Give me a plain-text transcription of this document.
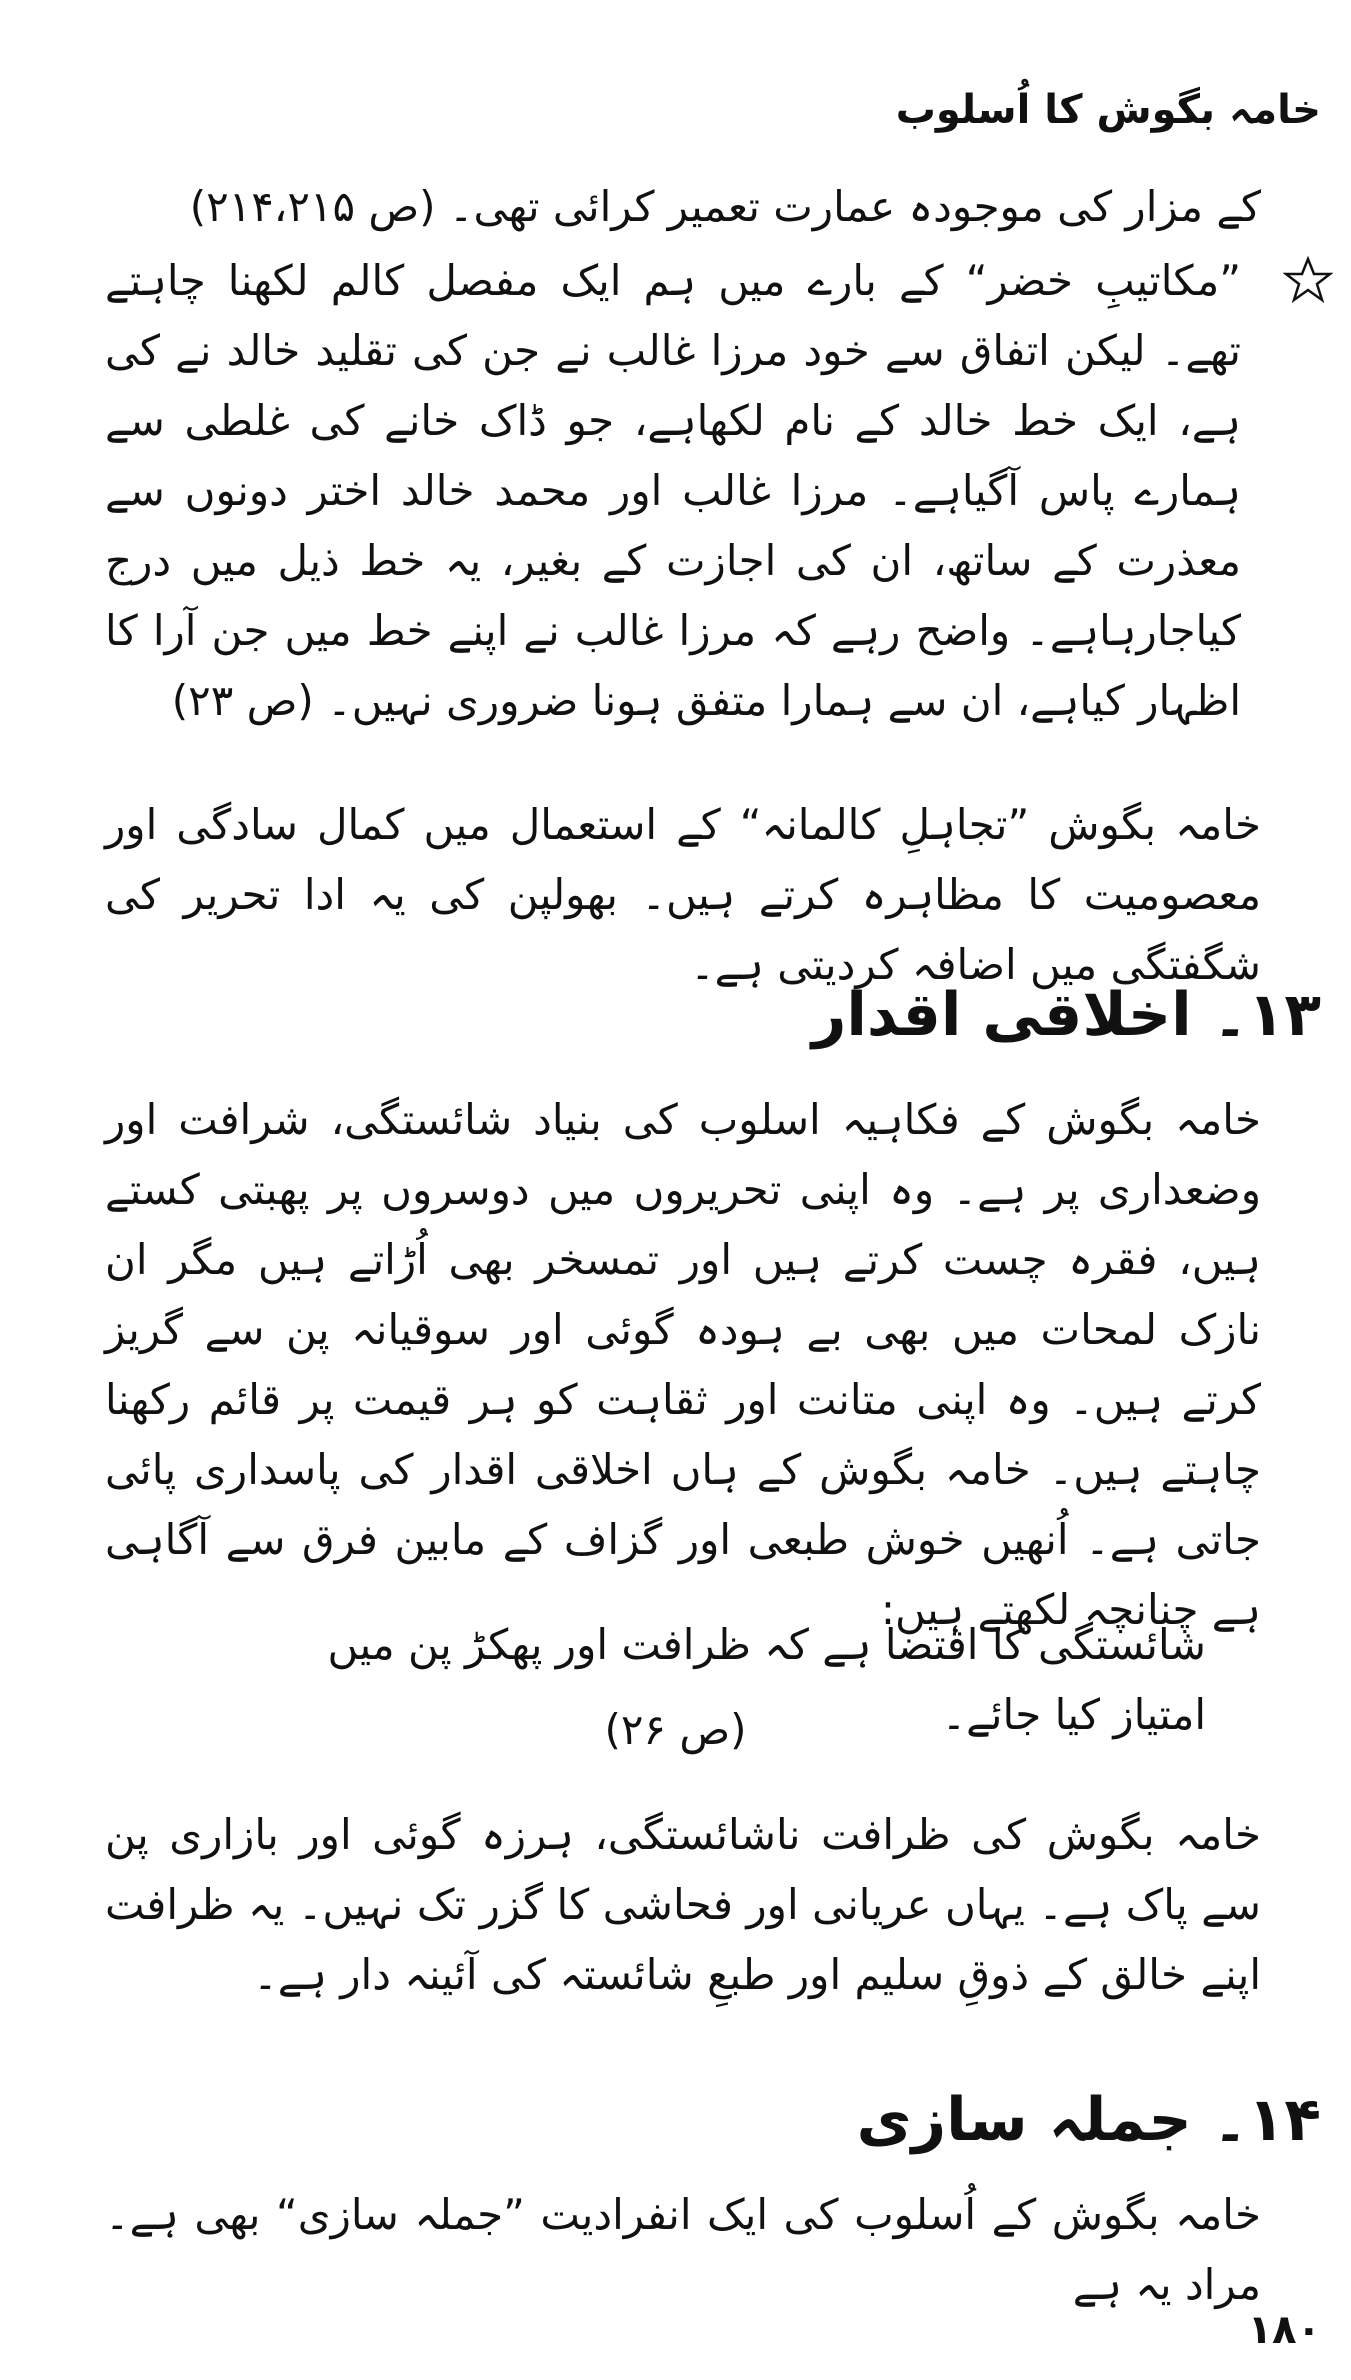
خامہ بگوش کا اُسلوب

کے مزار کی موجودہ عمارت تعمیر کرائی تھی۔ (ص ۲۱۴،۲۱۵)

”مکاتیبِ خضر“ کے بارے میں ہم ایک مفصل کالم لکھنا چاہتے تھے۔ لیکن اتفاق سے خود مرزا غالب نے جن کی تقلید خالد نے کی ہے، ایک خط خالد کے نام لکھاہے، جو ڈاک خانے کی غلطی سے ہمارے پاس آگیاہے۔ مرزا غالب اور محمد خالد اختر دونوں سے معذرت کے ساتھ، ان کی اجازت کے بغیر، یہ خط ذیل میں درج کیاجارہاہے۔ واضح رہے کہ مرزا غالب نے اپنے خط میں جن آرا کا اظہار کیاہے، ان سے ہمارا متفق ہونا ضروری نہیں۔ (ص ۲۳)

خامہ بگوش ”تجاہلِ کالمانہ“ کے استعمال میں کمال سادگی اور معصومیت کا مظاہرہ کرتے ہیں۔ بھولپن کی یہ ادا تحریر کی شگفتگی میں اضافہ کردیتی ہے۔

۱۳۔ اخلاقی اقدار

خامہ بگوش کے فکاہیہ اسلوب کی بنیاد شائستگی، شرافت اور وضعداری پر ہے۔ وہ اپنی تحریروں میں دوسروں پر پھبتی کستے ہیں، فقرہ چست کرتے ہیں اور تمسخر بھی اُڑاتے ہیں مگر ان نازک لمحات میں بھی بے ہودہ گوئی اور سوقیانہ پن سے گریز کرتے ہیں۔ وہ اپنی متانت اور ثقاہت کو ہر قیمت پر قائم رکھنا چاہتے ہیں۔ خامہ بگوش کے ہاں اخلاقی اقدار کی پاسداری پائی جاتی ہے۔ اُنھیں خوش طبعی اور گزاف کے مابین فرق سے آگاہی ہے چنانچہ لکھتے ہیں:

شائستگی کا اقتضا ہے کہ ظرافت اور پھکڑ پن میں امتیاز کیا جائے۔
(ص ۲۶)

خامہ بگوش کی ظرافت ناشائستگی، ہرزہ گوئی اور بازاری پن سے پاک ہے۔ یہاں عریانی اور فحاشی کا گزر تک نہیں۔ یہ ظرافت اپنے خالق کے ذوقِ سلیم اور طبعِ شائستہ کی آئینہ دار ہے۔

۱۴۔ جملہ سازی

خامہ بگوش کے اُسلوب کی ایک انفرادیت ”جملہ سازی“ بھی ہے۔ مراد یہ ہے

۱۸۰
